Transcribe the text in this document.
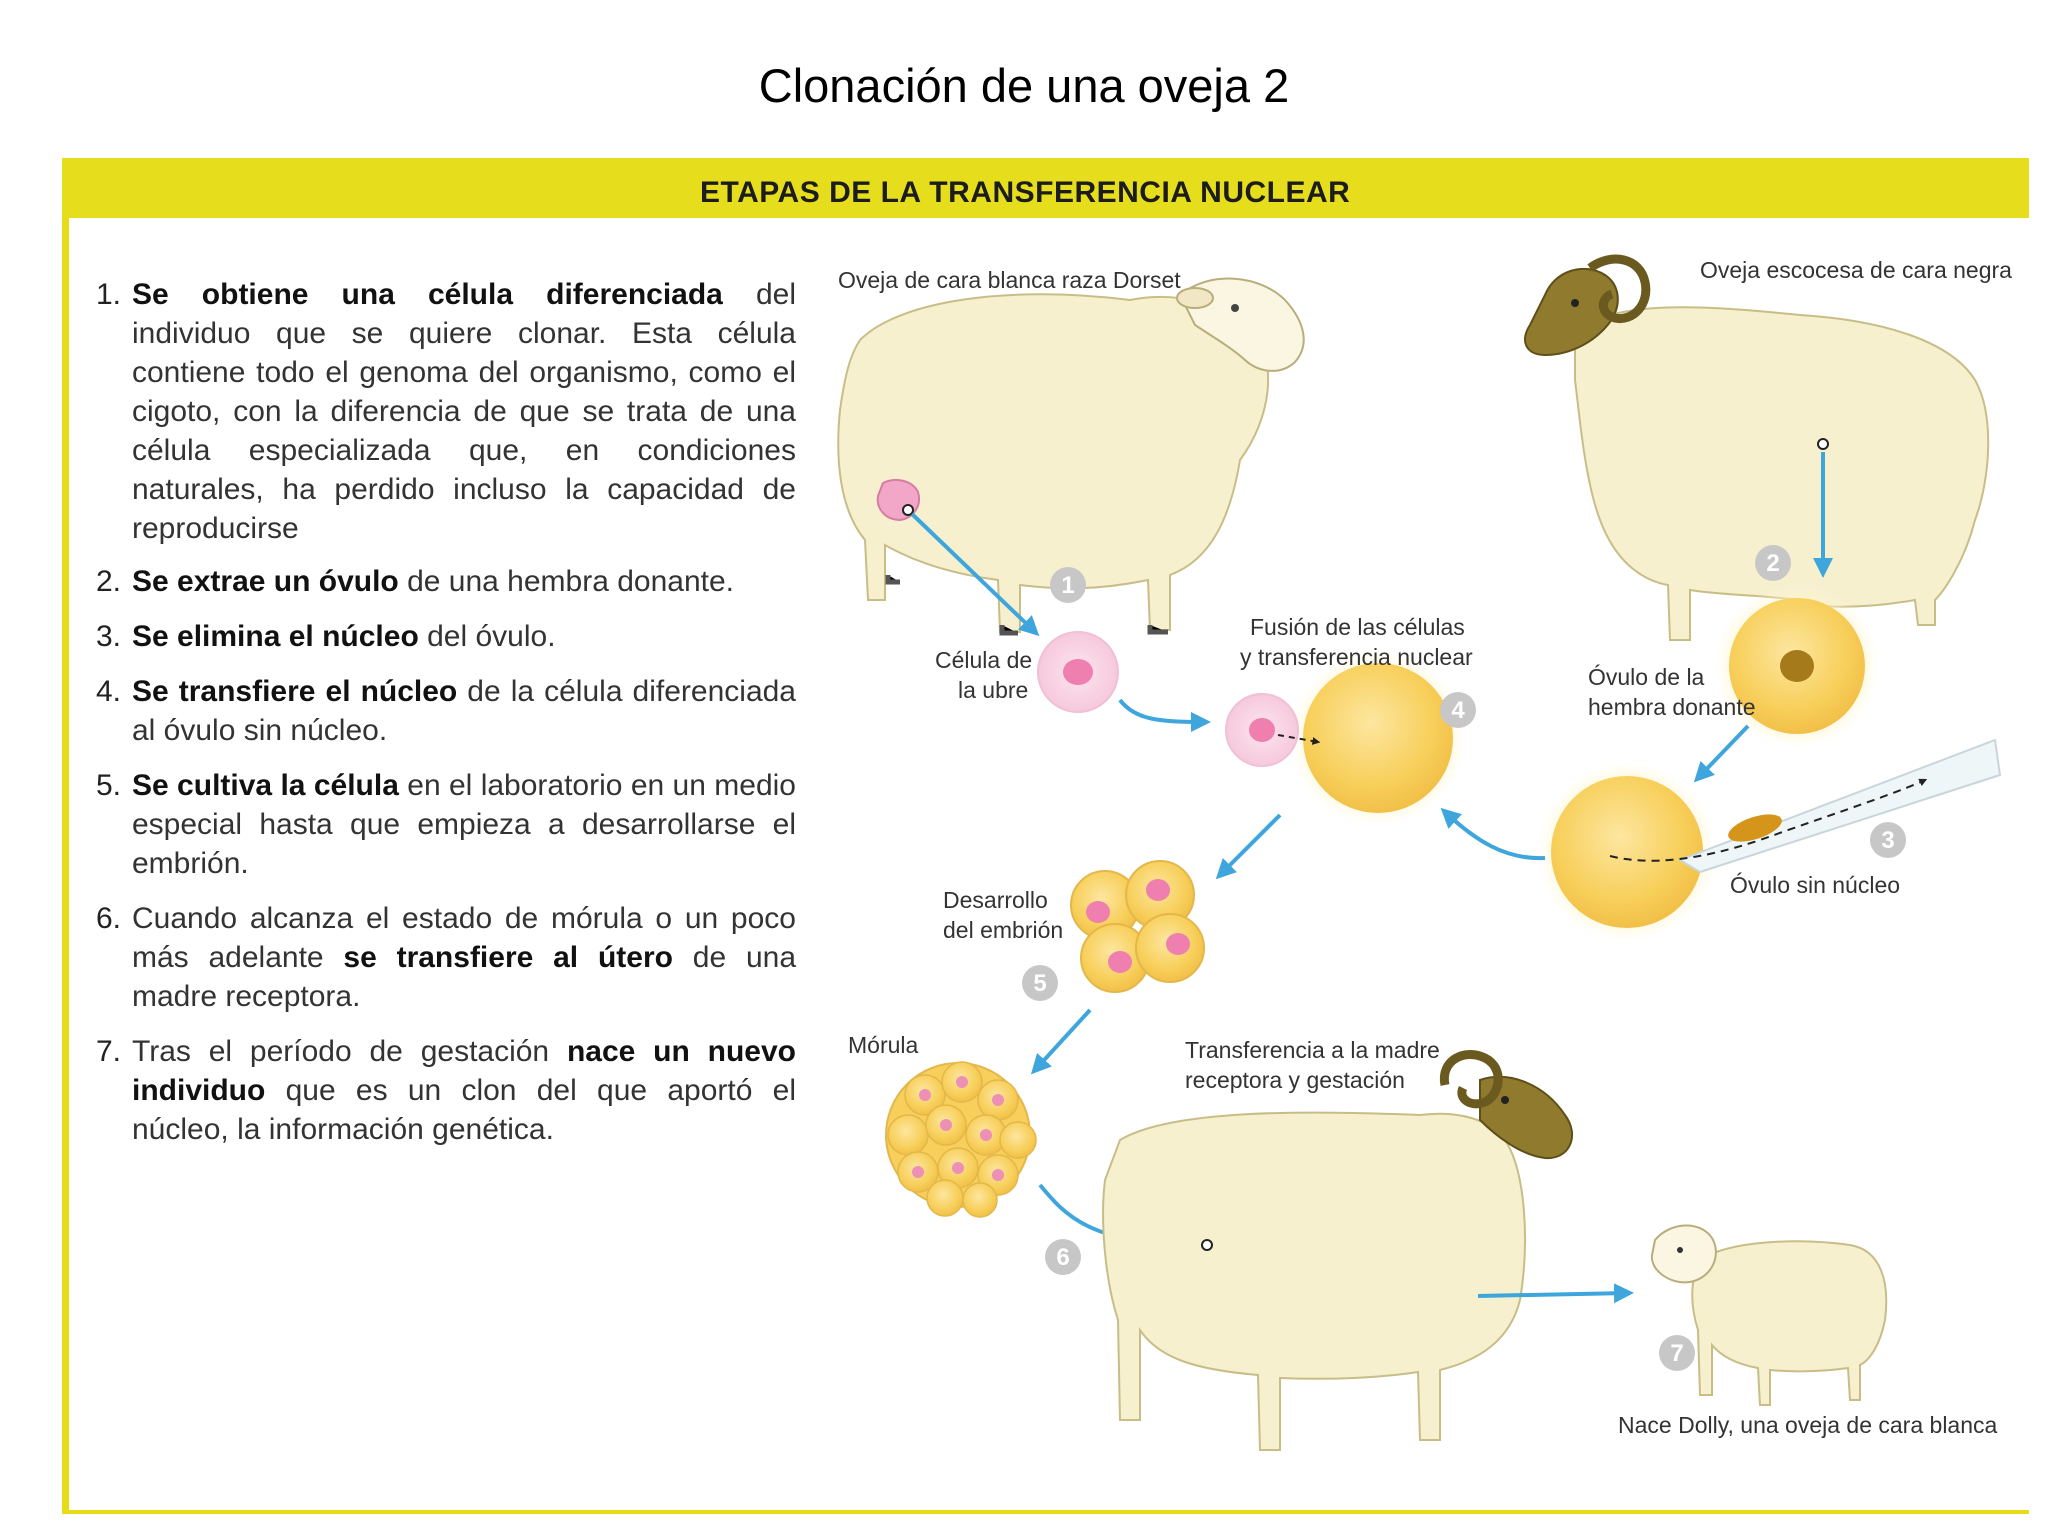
Clonación de una oveja 2
ETAPAS DE LA TRANSFERENCIA NUCLEAR
1. Se obtiene una célula diferenciada del individuo que se quiere clonar. Esta célula contiene todo el genoma del organismo, como el cigoto, con la diferencia de que se trata de una célula especializada que, en condiciones naturales, ha perdido incluso la capacidad de reproducirse
2. Se extrae un óvulo de una hembra donante.
3. Se elimina el núcleo del óvulo.
4. Se transfiere el núcleo de la célula diferenciada al óvulo sin núcleo.
5. Se cultiva la célula en el laboratorio en un medio especial hasta que empieza a desarrollarse el embrión.
6. Cuando alcanza el estado de mórula o un poco más adelante se transfiere al útero de una madre receptora.
7. Tras el período de gestación nace un nuevo individuo que es un clon del que aportó el núcleo, la información genética.
1
2
3
4
5
6
7
Oveja de cara blanca raza Dorset	Oveja escocesa de cara negra
Célula de
la ubre
Fusión de las células
y transferencia nuclear
Óvulo de la
hembra donante
Óvulo sin núcleo
Desarrollo
del embrión
Mórula	Transferencia a la madre
receptora y gestación
Nace Dolly, una oveja de cara blanca
